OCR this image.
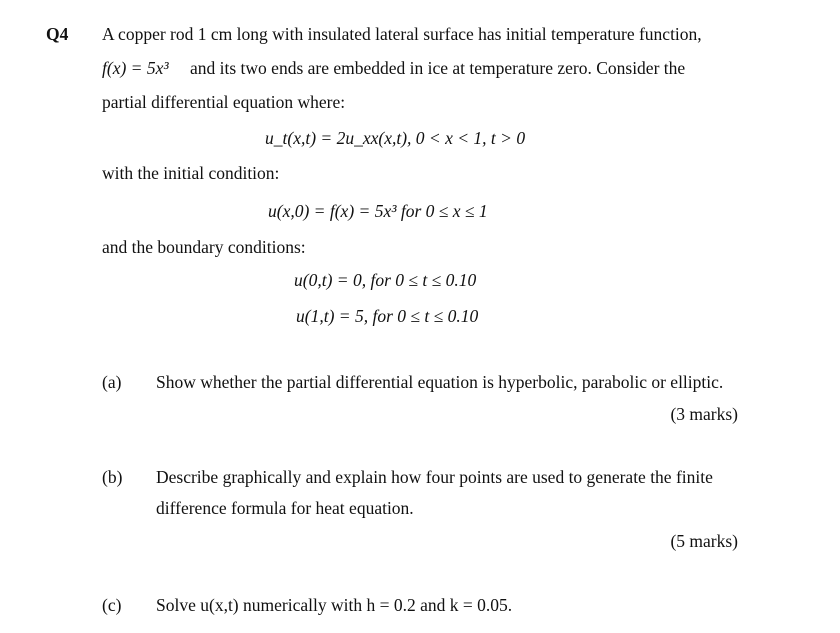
Q4 A copper rod 1 cm long with insulated lateral surface has initial temperature function,
f(x) = 5x³ and its two ends are embedded in ice at temperature zero. Consider the
partial differential equation where:
u_t(x,t) = 2u_xx(x,t), 0 < x < 1, t > 0
with the initial condition:
u(x,0) = f(x) = 5x³ for 0 ≤ x ≤ 1
and the boundary conditions:
u(0,t) = 0, for 0 ≤ t ≤ 0.10
u(1,t) = 5, for 0 ≤ t ≤ 0.10
(a) Show whether the partial differential equation is hyperbolic, parabolic or elliptic.
(3 marks)
(b) Describe graphically and explain how four points are used to generate the finite
difference formula for heat equation.
(5 marks)
(c) Solve u(x,t) numerically with h = 0.2 and k = 0.05.
